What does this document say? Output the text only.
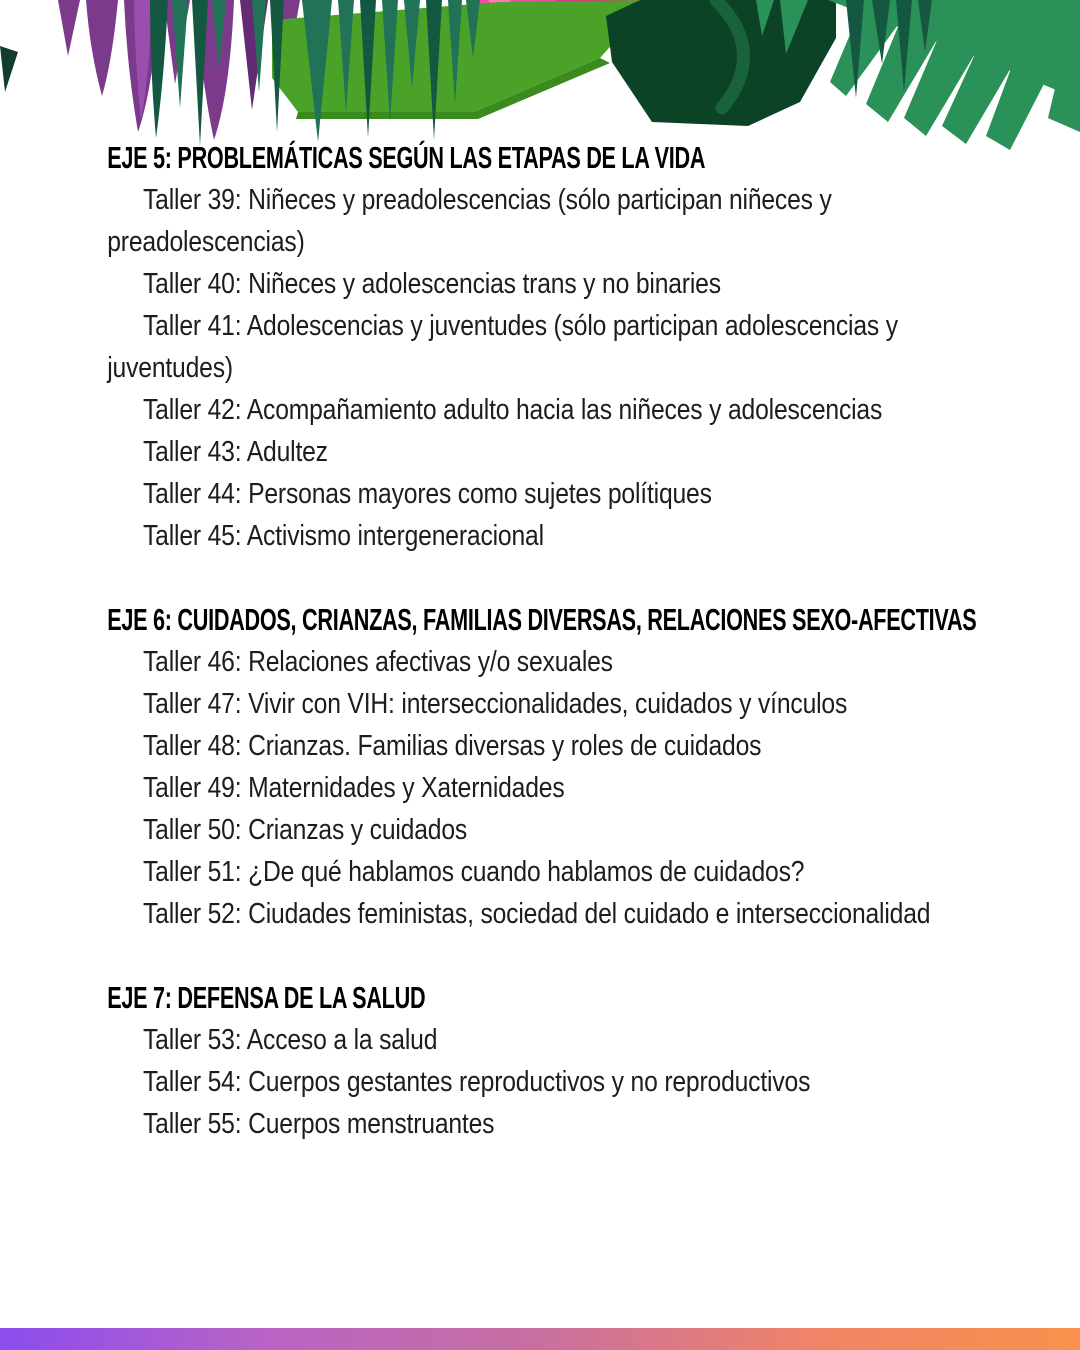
EJE 5: PROBLEMÁTICAS SEGÚN LAS ETAPAS DE LA VIDA

Taller 39: Niñeces y preadolescencias (sólo participan niñeces y preadolescencias)

Taller 40: Niñeces y adolescencias trans y no binaries

Taller 41: Adolescencias y juventudes (sólo participan adolescencias y juventudes)

Taller 42: Acompañamiento adulto hacia las niñeces y adolescencias

Taller 43: Adultez

Taller 44: Personas mayores como sujetes polítiques

Taller 45: Activismo intergeneracional

EJE 6: CUIDADOS, CRIANZAS, FAMILIAS DIVERSAS, RELACIONES SEXO-AFECTIVAS

Taller 46: Relaciones afectivas y/o sexuales

Taller 47: Vivir con VIH: interseccionalidades, cuidados y vínculos

Taller 48: Crianzas. Familias diversas y roles de cuidados

Taller 49: Maternidades y Xaternidades

Taller 50: Crianzas y cuidados

Taller 51: ¿De qué hablamos cuando hablamos de cuidados?

Taller 52: Ciudades feministas, sociedad del cuidado e interseccionalidad

EJE 7: DEFENSA DE LA SALUD

Taller 53: Acceso a la salud

Taller 54: Cuerpos gestantes reproductivos y no reproductivos

Taller 55: Cuerpos menstruantes
